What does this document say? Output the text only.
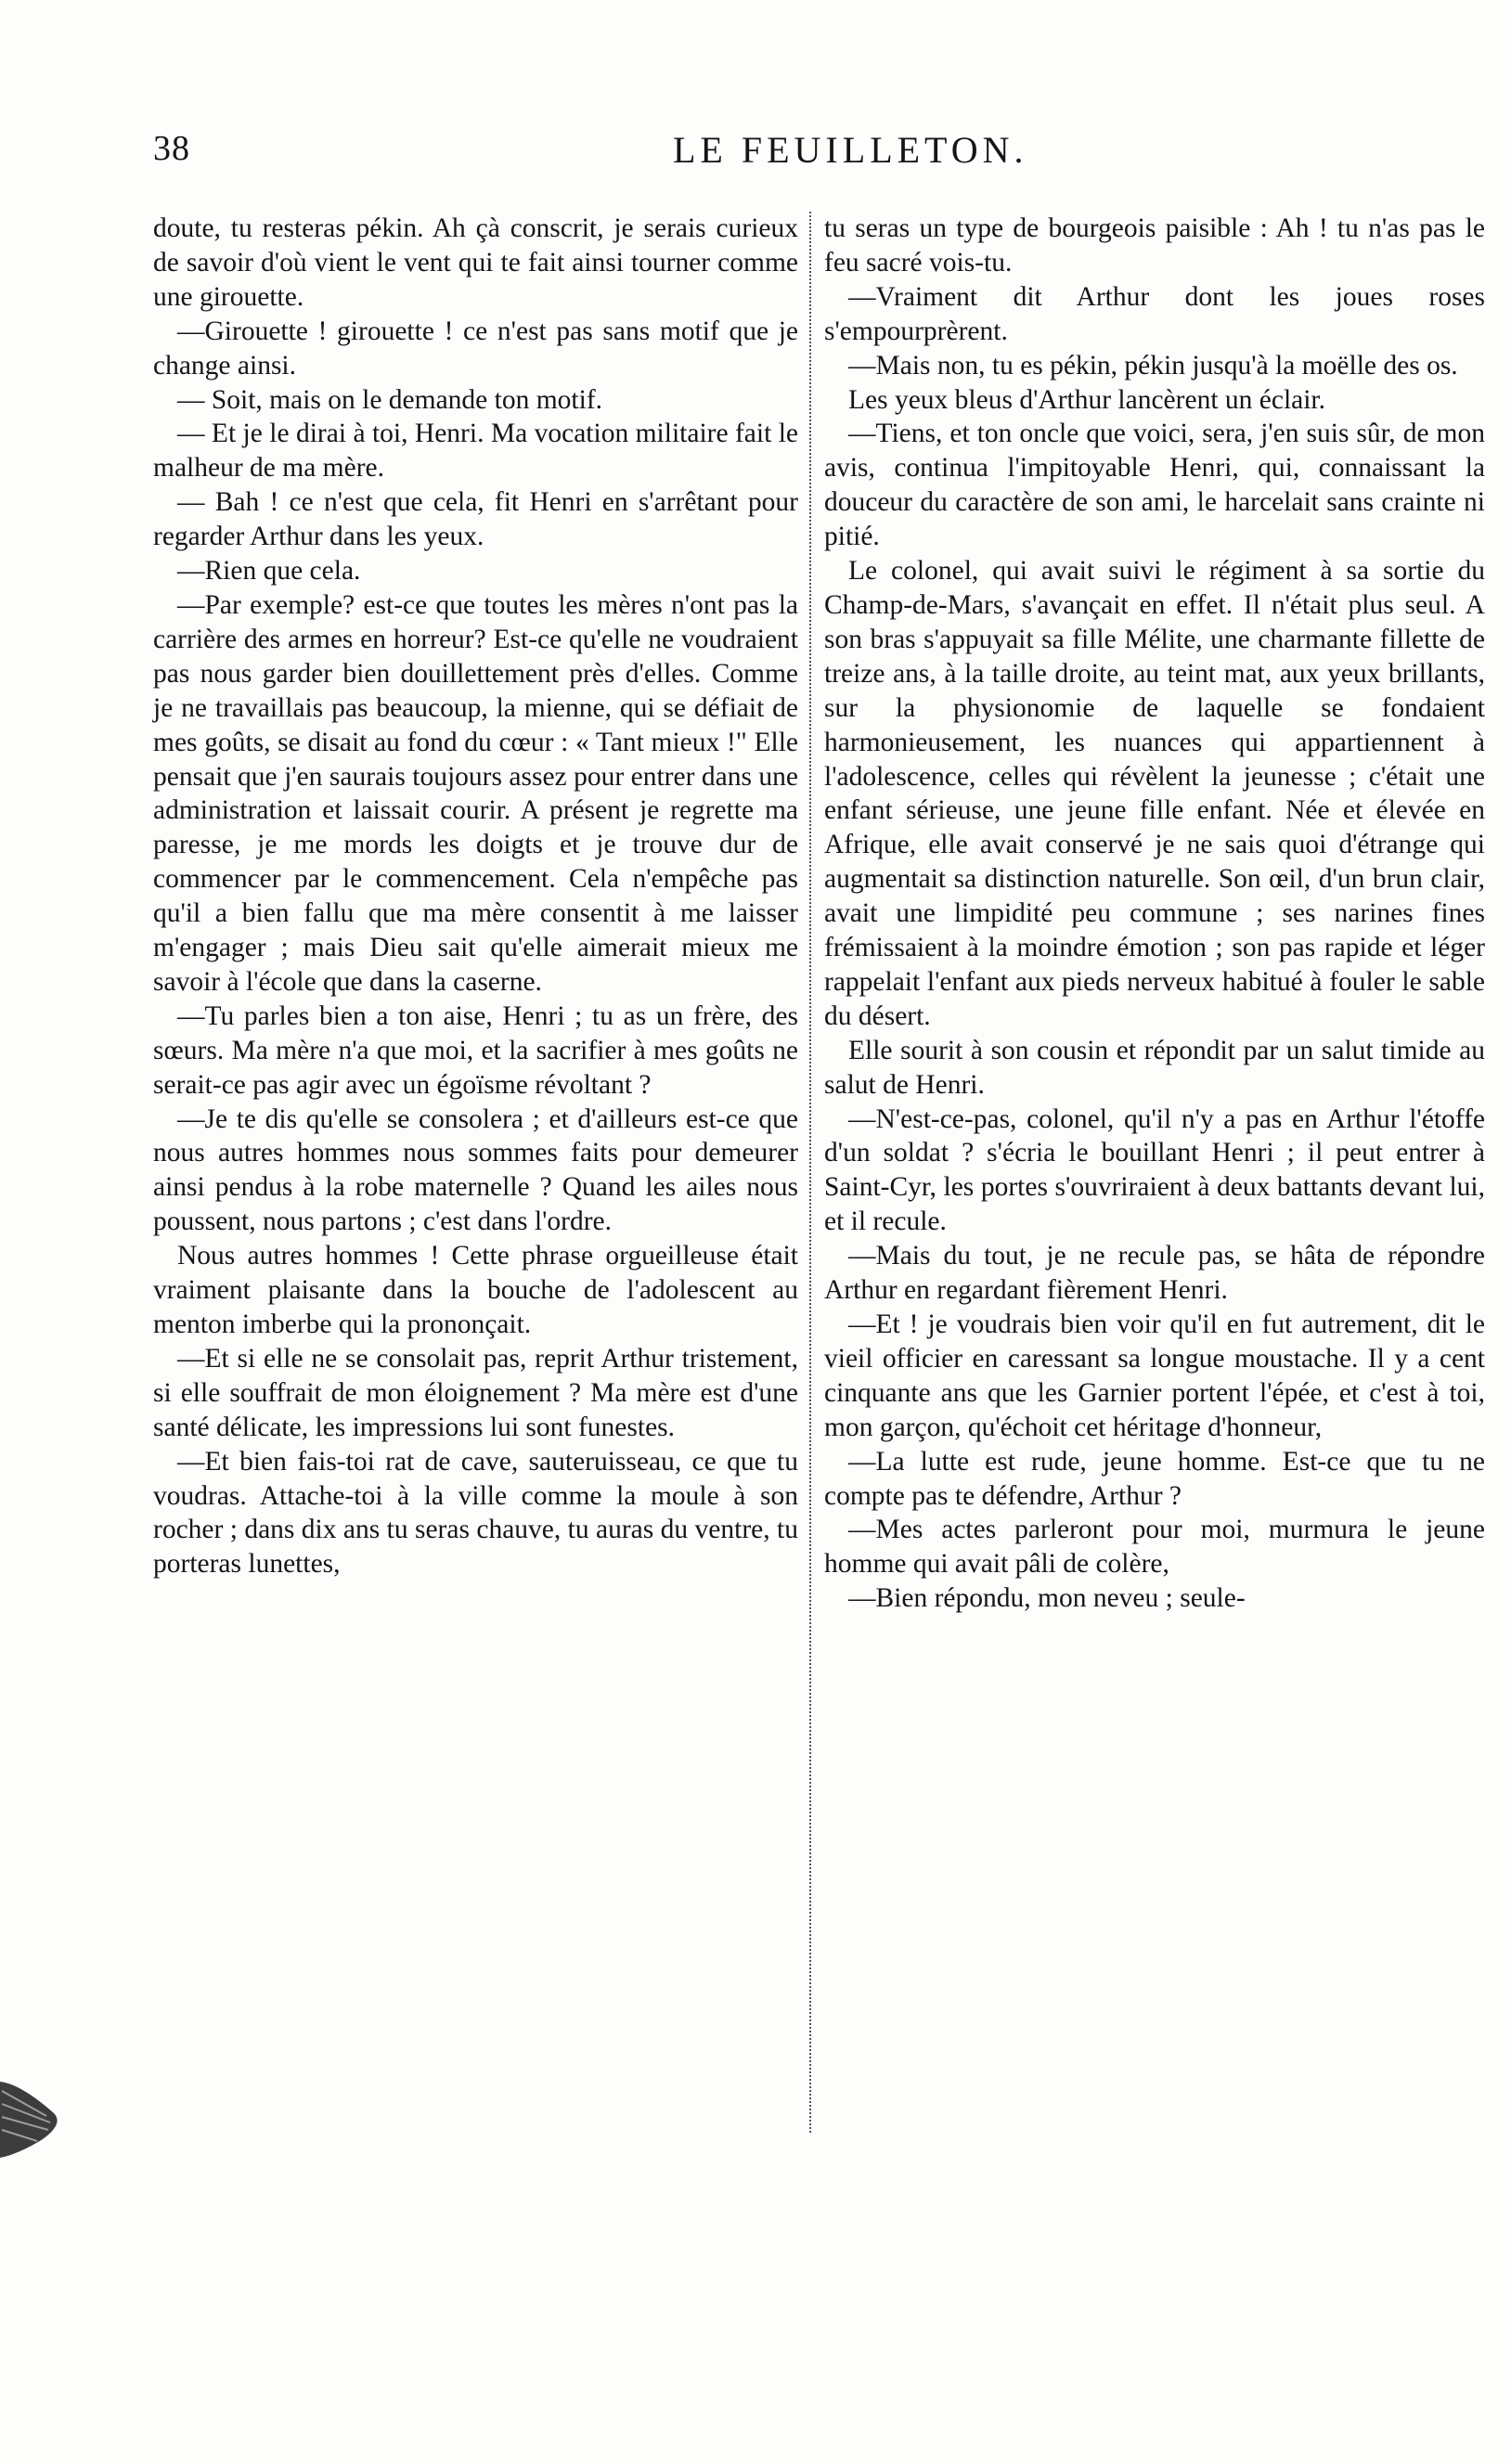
38	LE FEUILLETON.

doute, tu resteras pékin. Ah çà conscrit, je serais curieux de savoir d'où vient le vent qui te fait ainsi tourner comme une girouette.

—Girouette ! girouette ! ce n'est pas sans motif que je change ainsi.

— Soit, mais on le demande ton motif.

— Et je le dirai à toi, Henri. Ma vocation militaire fait le malheur de ma mère.

— Bah ! ce n'est que cela, fit Henri en s'arrêtant pour regarder Arthur dans les yeux.

—Rien que cela.

—Par exemple? est-ce que toutes les mères n'ont pas la carrière des armes en horreur? Est-ce qu'elle ne voudraient pas nous garder bien douillettement près d'elles. Comme je ne travaillais pas beaucoup, la mienne, qui se défiait de mes goûts, se disait au fond du cœur : « Tant mieux !" Elle pensait que j'en saurais toujours assez pour entrer dans une administration et laissait courir. A présent je regrette ma paresse, je me mords les doigts et je trouve dur de commencer par le commencement. Cela n'empêche pas qu'il a bien fallu que ma mère consentit à me laisser m'engager ; mais Dieu sait qu'elle aimerait mieux me savoir à l'école que dans la caserne.

—Tu parles bien a ton aise, Henri ; tu as un frère, des sœurs. Ma mère n'a que moi, et la sacrifier à mes goûts ne serait-ce pas agir avec un égoïsme révoltant ?

—Je te dis qu'elle se consolera ; et d'ailleurs est-ce que nous autres hommes nous sommes faits pour demeurer ainsi pendus à la robe maternelle ? Quand les ailes nous poussent, nous partons ; c'est dans l'ordre.

Nous autres hommes ! Cette phrase orgueilleuse était vraiment plaisante dans la bouche de l'adolescent au menton imberbe qui la prononçait.

—Et si elle ne se consolait pas, reprit Arthur tristement, si elle souffrait de mon éloignement ? Ma mère est d'une santé délicate, les impressions lui sont funestes.

—Et bien fais-toi rat de cave, sauteruisseau, ce que tu voudras. Attache-toi à la ville comme la moule à son rocher ; dans dix ans tu seras chauve, tu auras du ventre, tu porteras lunettes,

tu seras un type de bourgeois paisible : Ah ! tu n'as pas le feu sacré vois-tu.

—Vraiment dit Arthur dont les joues roses s'empourprèrent.

—Mais non, tu es pékin, pékin jusqu'à la moëlle des os.

Les yeux bleus d'Arthur lancèrent un éclair.

—Tiens, et ton oncle que voici, sera, j'en suis sûr, de mon avis, continua l'impitoyable Henri, qui, connaissant la douceur du caractère de son ami, le harcelait sans crainte ni pitié.

Le colonel, qui avait suivi le régiment à sa sortie du Champ-de-Mars, s'avançait en effet. Il n'était plus seul. A son bras s'appuyait sa fille Mélite, une charmante fillette de treize ans, à la taille droite, au teint mat, aux yeux brillants, sur la physionomie de laquelle se fondaient harmonieusement, les nuances qui appartiennent à l'adolescence, celles qui révèlent la jeunesse ; c'était une enfant sérieuse, une jeune fille enfant. Née et élevée en Afrique, elle avait conservé je ne sais quoi d'étrange qui augmentait sa distinction naturelle. Son œil, d'un brun clair, avait une limpidité peu commune ; ses narines fines frémissaient à la moindre émotion ; son pas rapide et léger rappelait l'enfant aux pieds nerveux habitué à fouler le sable du désert.

Elle sourit à son cousin et répondit par un salut timide au salut de Henri.

—N'est-ce-pas, colonel, qu'il n'y a pas en Arthur l'étoffe d'un soldat ? s'écria le bouillant Henri ; il peut entrer à Saint-Cyr, les portes s'ouvriraient à deux battants devant lui, et il recule.

—Mais du tout, je ne recule pas, se hâta de répondre Arthur en regardant fièrement Henri.

—Et ! je voudrais bien voir qu'il en fut autrement, dit le vieil officier en caressant sa longue moustache. Il y a cent cinquante ans que les Garnier portent l'épée, et c'est à toi, mon garçon, qu'échoit cet héritage d'honneur,

—La lutte est rude, jeune homme. Est-ce que tu ne compte pas te défendre, Arthur ?

—Mes actes parleront pour moi, murmura le jeune homme qui avait pâli de colère,

—Bien répondu, mon neveu ; seule-
